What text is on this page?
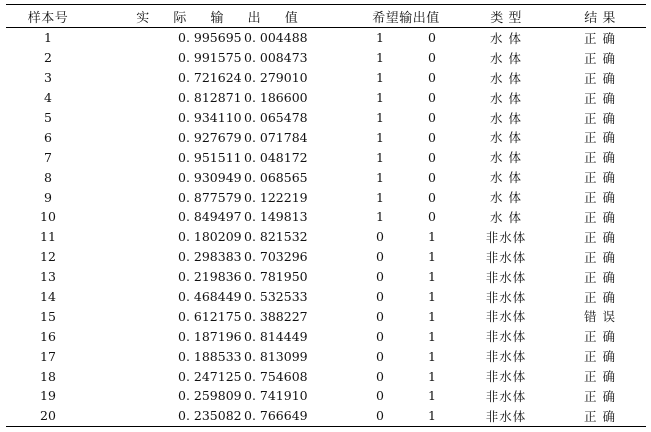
样本号	实 际 输 出 值		希望输出值		类 型	结 果
1	0. 995695	0. 004488	1	0	水 体	正 确
2	0. 991575	0. 008473	1	0	水 体	正 确
3	0. 721624	0. 279010	1	0	水 体	正 确
4	0. 812871	0. 186600	1	0	水 体	正 确
5	0. 934110	0. 065478	1	0	水 体	正 确
6	0. 927679	0. 071784	1	0	水 体	正 确
7	0. 951511	0. 048172	1	0	水 体	正 确
8	0. 930949	0. 068565	1	0	水 体	正 确
9	0. 877579	0. 122219	1	0	水 体	正 确
10	0. 849497	0. 149813	1	0	水 体	正 确
11	0. 180209	0. 821532	0	1	非水体	正 确
12	0. 298383	0. 703296	0	1	非水体	正 确
13	0. 219836	0. 781950	0	1	非水体	正 确
14	0. 468449	0. 532533	0	1	非水体	正 确
15	0. 612175	0. 388227	0	1	非水体	错 误
16	0. 187196	0. 814449	0	1	非水体	正 确
17	0. 188533	0. 813099	0	1	非水体	正 确
18	0. 247125	0. 754608	0	1	非水体	正 确
19	0. 259809	0. 741910	0	1	非水体	正 确
20	0. 235082	0. 766649	0	1	非水体	正 确
